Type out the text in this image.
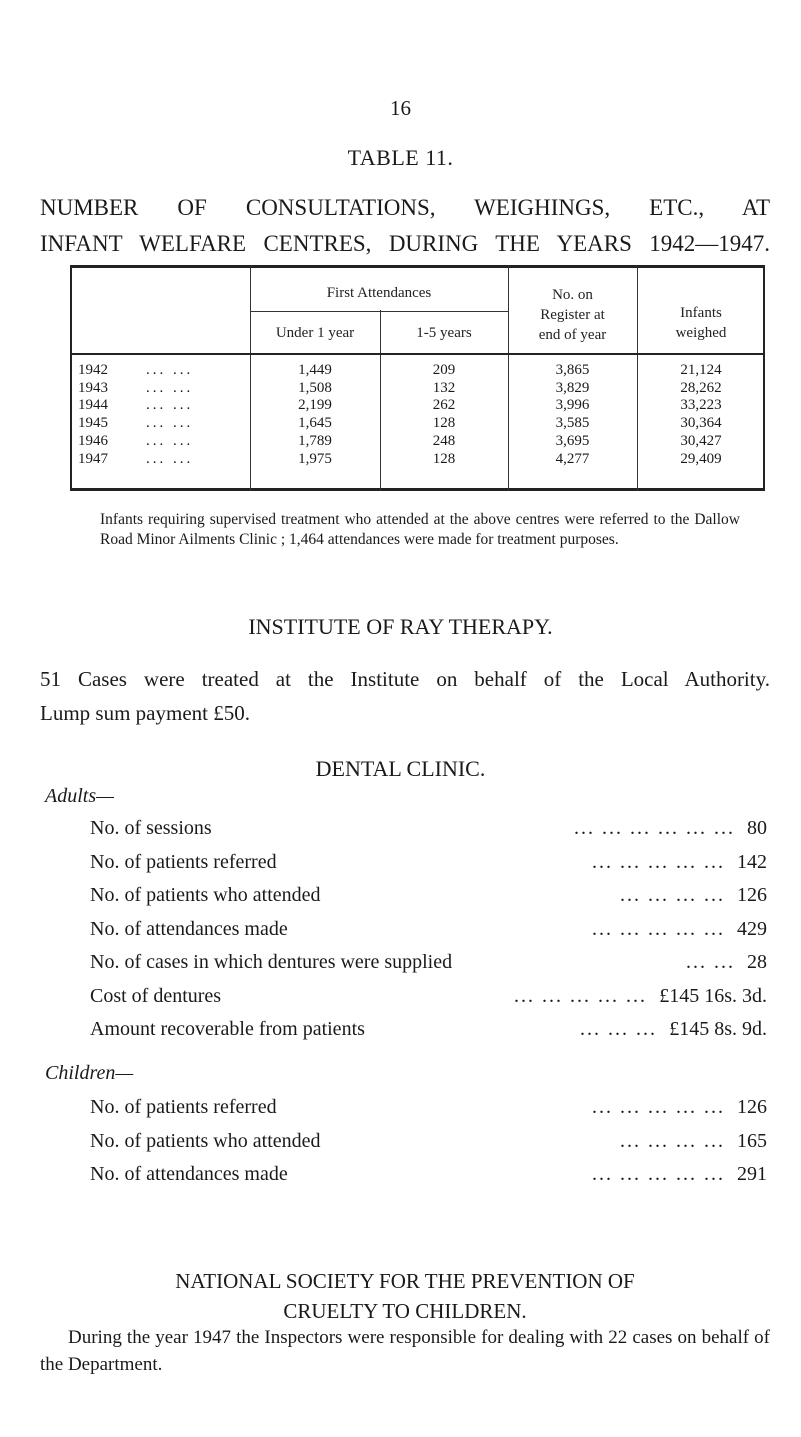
16
TABLE 11.
NUMBER OF CONSULTATIONS, WEIGHINGS, ETC., AT
INFANT WELFARE CENTRES, DURING THE YEARS 1942—1947.
First Attendances
Under 1 year	1-5 years
No. on
Register at
end of year
Infants
weighed
1942	... ...	1,449	209	3,865	21,124
1943	... ...	1,508	132	3,829	28,262
1944	... ...	2,199	262	3,996	33,223
1945	... ...	1,645	128	3,585	30,364
1946	... ...	1,789	248	3,695	30,427
1947	... ...	1,975	128	4,277	29,409
Infants requiring supervised treatment who attended at the above centres were referred to the Dallow Road Minor Ailments Clinic ; 1,464 attendances were made for treatment purposes.
INSTITUTE OF RAY THERAPY.
51 Cases were treated at the Institute on behalf of the Local Authority.
Lump sum payment £50.
DENTAL CLINIC.
Adults—
No. of sessions	... ... ... ... ... ... 80
No. of patients referred	... ... ... ... ... 142
No. of patients who attended	... ... ... ... 126
No. of attendances made	... ... ... ... ... 429
No. of cases in which dentures were supplied	... ... 28
Cost of dentures	... ... ... ... ... £145 16s. 3d.
Amount recoverable from patients	... ... ... £145 8s. 9d.
Children—
No. of patients referred	... ... ... ... ... 126
No. of patients who attended	... ... ... ... 165
No. of attendances made	... ... ... ... ... 291
NATIONAL SOCIETY FOR THE PREVENTION OF
CRUELTY TO CHILDREN.
During the year 1947 the Inspectors were responsible for dealing with 22 cases on behalf of the Department.
